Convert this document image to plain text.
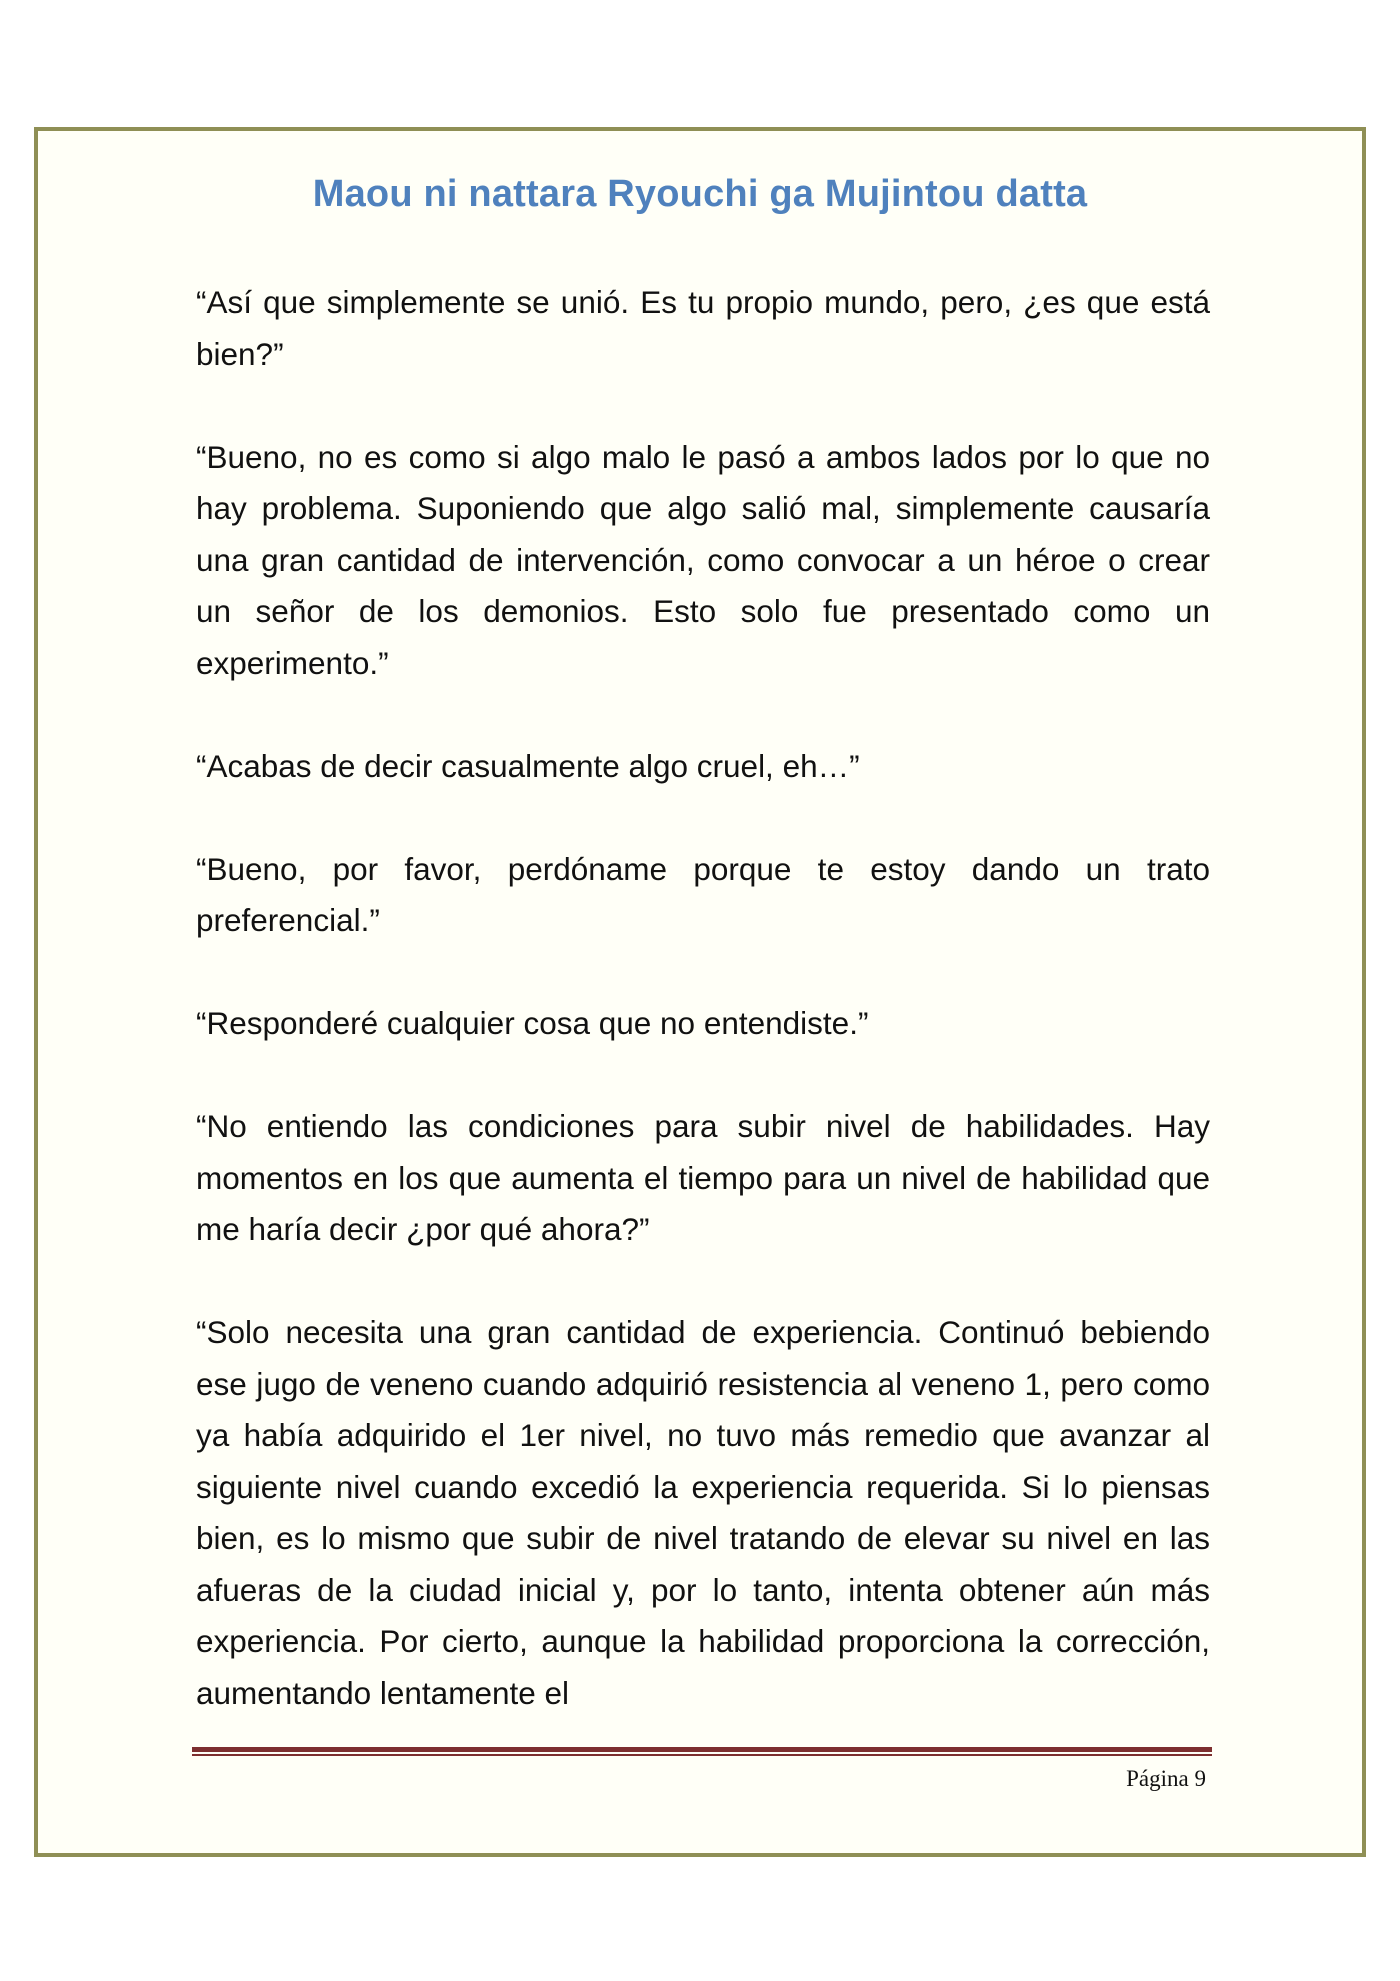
Maou ni nattara Ryouchi ga Mujintou datta

“Así que simplemente se unió. Es tu propio mundo, pero, ¿es que está bien?”

“Bueno, no es como si algo malo le pasó a ambos lados por lo que no hay problema. Suponiendo que algo salió mal, simplemente causaría una gran cantidad de intervención, como convocar a un héroe o crear un señor de los demonios. Esto solo fue presentado como un experimento.”

“Acabas de decir casualmente algo cruel, eh…”

“Bueno, por favor, perdóname porque te estoy dando un trato preferencial.”

“Responderé cualquier cosa que no entendiste.”

“No entiendo las condiciones para subir nivel de habilidades. Hay momentos en los que aumenta el tiempo para un nivel de habilidad que me haría decir ¿por qué ahora?”

“Solo necesita una gran cantidad de experiencia. Continuó bebiendo ese jugo de veneno cuando adquirió resistencia al veneno 1, pero como ya había adquirido el 1er nivel, no tuvo más remedio que avanzar al siguiente nivel cuando excedió la experiencia requerida. Si lo piensas bien, es lo mismo que subir de nivel tratando de elevar su nivel en las afueras de la ciudad inicial y, por lo tanto, intenta obtener aún más experiencia. Por cierto, aunque la habilidad proporciona la corrección, aumentando lentamente el

Página 9
